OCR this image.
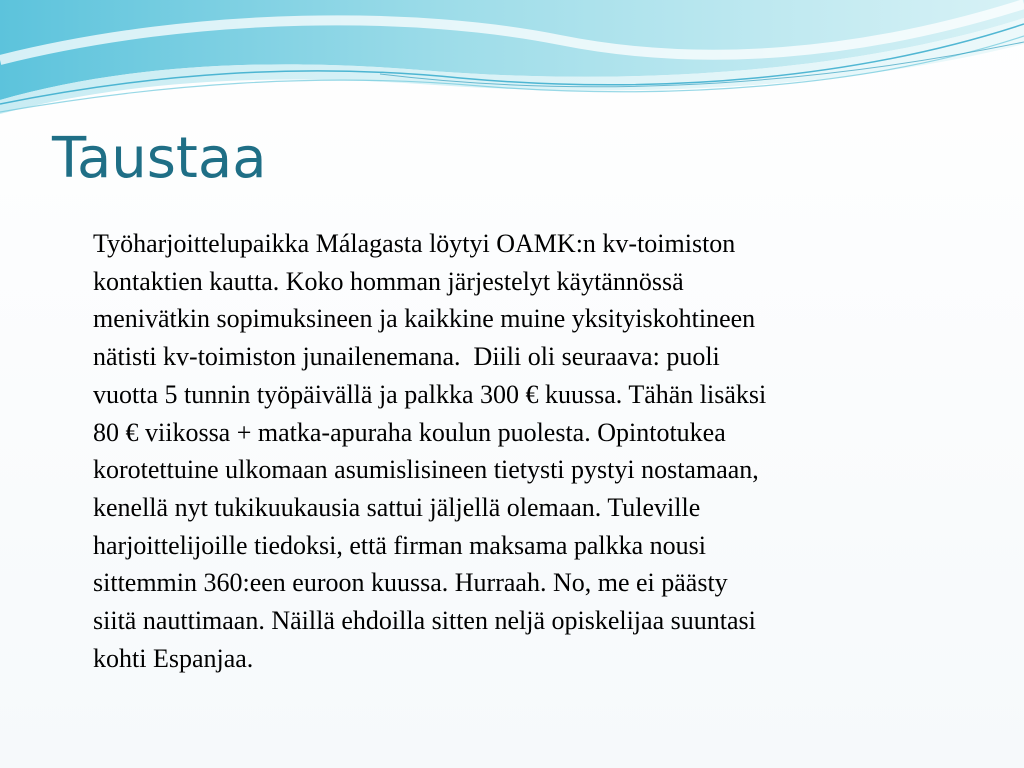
Taustaa

Työharjoittelupaikka Málagasta löytyi OAMK:n kv-toimiston
kontaktien kautta. Koko homman järjestelyt käytännössä
menivätkin sopimuksineen ja kaikkine muine yksityiskohtineen
nätisti kv-toimiston junailenemana.  Diili oli seuraava: puoli
vuotta 5 tunnin työpäivällä ja palkka 300 € kuussa. Tähän lisäksi
80 € viikossa + matka-apuraha koulun puolesta. Opintotukea
korotettuine ulkomaan asumislisineen tietysti pystyi nostamaan,
kenellä nyt tukikuukausia sattui jäljellä olemaan. Tuleville
harjoittelijoille tiedoksi, että firman maksama palkka nousi
sittemmin 360:een euroon kuussa. Hurraah. No, me ei päästy
siitä nauttimaan. Näillä ehdoilla sitten neljä opiskelijaa suuntasi
kohti Espanjaa.
